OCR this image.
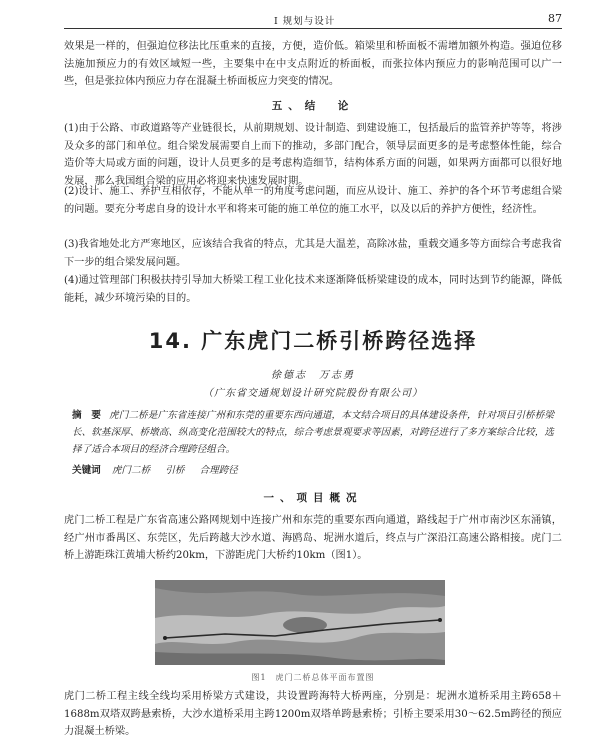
Ⅰ 规划与设计	87

效果是一样的，但强迫位移法比压重来的直接，方便，造价低。箱梁里和桥面板不需增加额外构造。强迫位移法施加预应力的有效区域短一些，主要集中在中支点附近的桥面板，而张拉体内预应力的影响范围可以广一些，但是张拉体内预应力存在混凝土桥面板应力突变的情况。

五、结　论

(1)由于公路、市政道路等产业链很长，从前期规划、设计制造、到建设施工，包括最后的监管养护等等，将涉及众多的部门和单位。组合梁发展需要自上而下的推动，多部门配合，领导层面更多的是考虑整体性能，综合造价等大局或方面的问题，设计人员更多的是考虑构造细节，结构体系方面的问题，如果两方面都可以很好地发展，那么我国组合梁的应用必将迎来快速发展时期。

(2)设计、施工、养护互相依存，不能从单一的角度考虑问题，而应从设计、施工、养护的各个环节考虑组合梁的问题。要充分考虑自身的设计水平和将来可能的施工单位的施工水平，以及以后的养护方便性，经济性。

(3)我省地处北方严寒地区，应该结合我省的特点，尤其是大温差，高除冰盐，重载交通多等方面综合考虑我省下一步的组合梁发展问题。

(4)通过管理部门积极扶持引导加大桥梁工程工业化技术来逐渐降低桥梁建设的成本，同时达到节约能源，降低能耗，减少环境污染的目的。

14. 广东虎门二桥引桥跨径选择

徐德志　万志勇

（广东省交通规划设计研究院股份有限公司）

摘　要 虎门二桥是广东省连接广州和东莞的重要东西向通道，本文结合项目的具体建设条件，针对项目引桥桥梁长、软基深厚、桥墩高、纵高变化范围较大的特点，综合考虑景观要求等因素，对跨径进行了多方案综合比较，选择了适合本项目的经济合理跨径组合。

关键词 虎门二桥 引桥 合理跨径

一、项目概况

虎门二桥工程是广东省高速公路网规划中连接广州和东莞的重要东西向通道，路线起于广州市南沙区东涌镇，经广州市番禺区、东莞区，先后跨越大沙水道、海鸥岛、坭洲水道后，终点与广深沿江高速公路相接。虎门二桥上游距珠江黄埔大桥约20km，下游距虎门大桥约10km（图1）。

图1　虎门二桥总体平面布置图

虎门二桥工程主线全线均采用桥梁方式建设，共设置跨海特大桥两座，分别是：坭洲水道桥采用主跨658＋1688m双塔双跨悬索桥，大沙水道桥采用主跨1200m双塔单跨悬索桥；引桥主要采用30～62.5m跨径的预应力混凝土桥梁。
